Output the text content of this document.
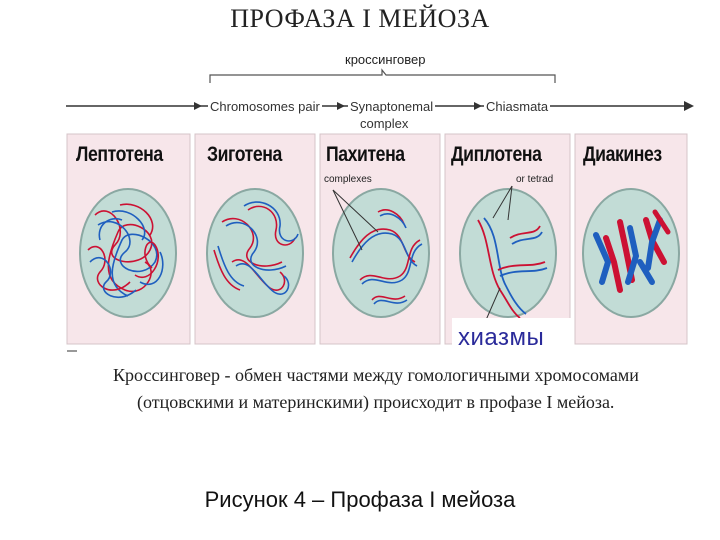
ПРОФАЗА I МЕЙОЗА
кроссинговер
Chromosomes pair Synaptonemal
complex
Chiasmata
Лептотена Зиготена Пахитена Диплотена Диакинез
complexes	or tetrad
хиазмы
Кроссинговер - обмен частями между гомологичными хромосомами
(отцовскими и материнскими) происходит в профазе I мейоза.
Рисунок 4 – Профаза I мейоза
